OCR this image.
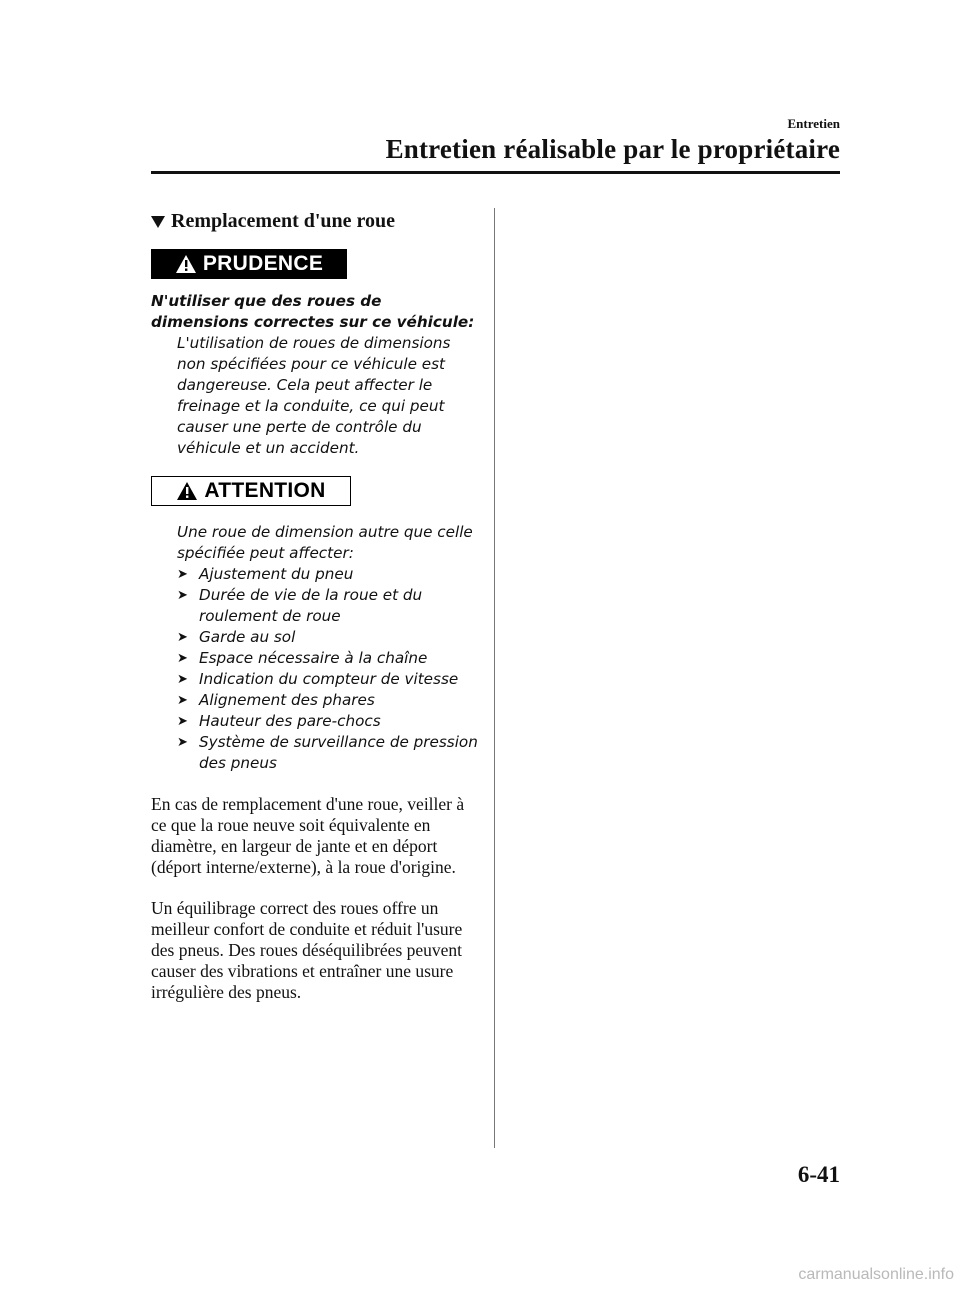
Entretien
Entretien réalisable par le propriétaire
Remplacement d'une roue
PRUDENCE

N'utiliser que des roues de dimensions correctes sur ce véhicule:

L'utilisation de roues de dimensions non spécifiées pour ce véhicule est dangereuse. Cela peut affecter le freinage et la conduite, ce qui peut causer une perte de contrôle du véhicule et un accident.

ATTENTION

Une roue de dimension autre que celle spécifiée peut affecter:

➤ Ajustement du pneu
➤ Durée de vie de la roue et du roulement de roue
➤ Garde au sol
➤ Espace nécessaire à la chaîne
➤ Indication du compteur de vitesse
➤ Alignement des phares
➤ Hauteur des pare-chocs
➤ Système de surveillance de pression des pneus

En cas de remplacement d'une roue, veiller à ce que la roue neuve soit équivalente en diamètre, en largeur de jante et en déport (déport interne/externe), à la roue d'origine.

Un équilibrage correct des roues offre un meilleur confort de conduite et réduit l'usure des pneus. Des roues déséquilibrées peuvent causer des vibrations et entraîner une usure irrégulière des pneus.

6-41
carmanualsonline.info
